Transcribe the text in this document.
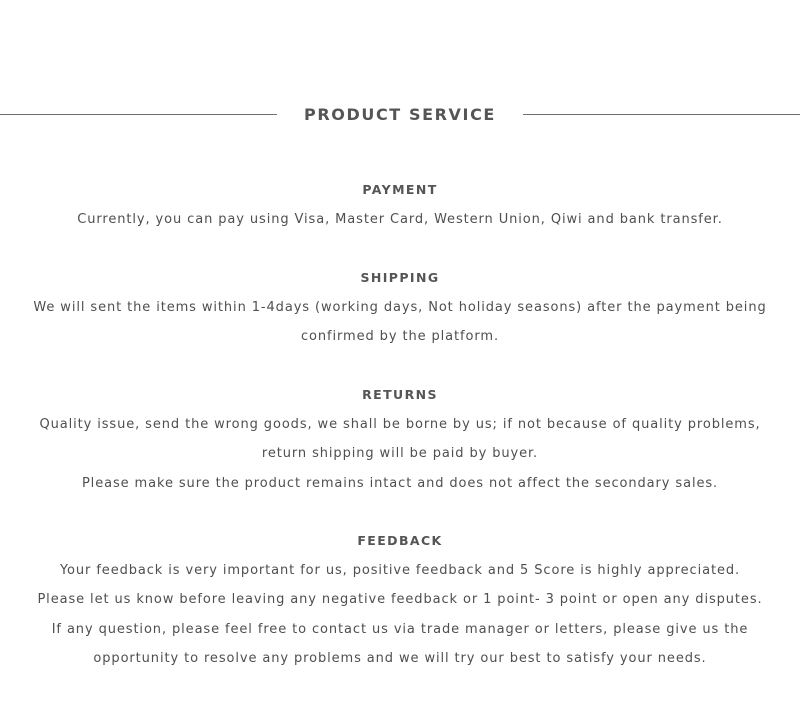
PRODUCT SERVICE
PAYMENT

Currently, you can pay using Visa, Master Card, Western Union, Qiwi and bank transfer.

SHIPPING

We will sent the items within 1-4days (working days, Not holiday seasons) after the payment being

confirmed by the platform.

RETURNS

Quality issue, send the wrong goods, we shall be borne by us; if not because of quality problems,

return shipping will be paid by buyer.

Please make sure the product remains intact and does not affect the secondary sales.

FEEDBACK

Your feedback is very important for us, positive feedback and 5 Score is highly appreciated.

Please let us know before leaving any negative feedback or 1 point- 3 point or open any disputes.

If any question, please feel free to contact us via trade manager or letters, please give us the

opportunity to resolve any problems and we will try our best to satisfy your needs.
